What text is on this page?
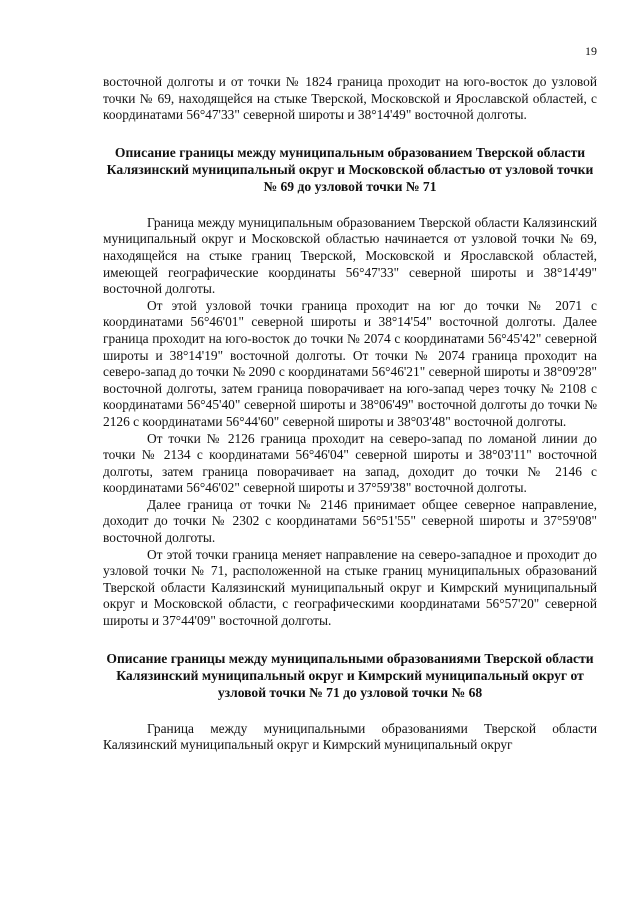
19

восточной долготы и от точки № 1824 граница проходит на юго-восток до узловой точки № 69, находящейся на стыке Тверской, Московской и Ярославской областей, с координатами 56°47'33" северной широты и 38°14'49" восточной долготы.

Описание границы между муниципальным образованием Тверской области Калязинский муниципальный округ и Московской областью от узловой точки № 69 до узловой точки № 71

Граница между муниципальным образованием Тверской области Калязинский муниципальный округ и Московской областью начинается от узловой точки № 69, находящейся на стыке границ Тверской, Московской и Ярославской областей, имеющей географические координаты 56°47'33" северной широты и 38°14'49" восточной долготы.

От этой узловой точки граница проходит на юг до точки № 2071 с координатами 56°46'01" северной широты и 38°14'54" восточной долготы. Далее граница проходит на юго-восток до точки № 2074 с координатами 56°45'42" северной широты и 38°14'19" восточной долготы. От точки № 2074 граница проходит на северо-запад до точки № 2090 с координатами 56°46'21" северной широты и 38°09'28" восточной долготы, затем граница поворачивает на юго-запад через точку № 2108 с координатами 56°45'40" северной широты и 38°06'49" восточной долготы до точки № 2126 с координатами 56°44'60" северной широты и 38°03'48" восточной долготы.

От точки № 2126 граница проходит на северо-запад по ломаной линии до точки № 2134 с координатами 56°46'04" северной широты и 38°03'11" восточной долготы, затем граница поворачивает на запад, доходит до точки № 2146 с координатами 56°46'02" северной широты и 37°59'38" восточной долготы.

Далее граница от точки № 2146 принимает общее северное направление, доходит до точки № 2302 с координатами 56°51'55" северной широты и 37°59'08" восточной долготы.

От этой точки граница меняет направление на северо-западное и проходит до узловой точки № 71, расположенной на стыке границ муниципальных образований Тверской области Калязинский муниципальный округ и Кимрский муниципальный округ и Московской области, с географическими координатами 56°57'20" северной широты и 37°44'09" восточной долготы.

Описание границы между муниципальными образованиями Тверской области Калязинский муниципальный округ и Кимрский муниципальный округ от узловой точки № 71 до узловой точки № 68

Граница между муниципальными образованиями Тверской области Калязинский муниципальный округ и Кимрский муниципальный округ
